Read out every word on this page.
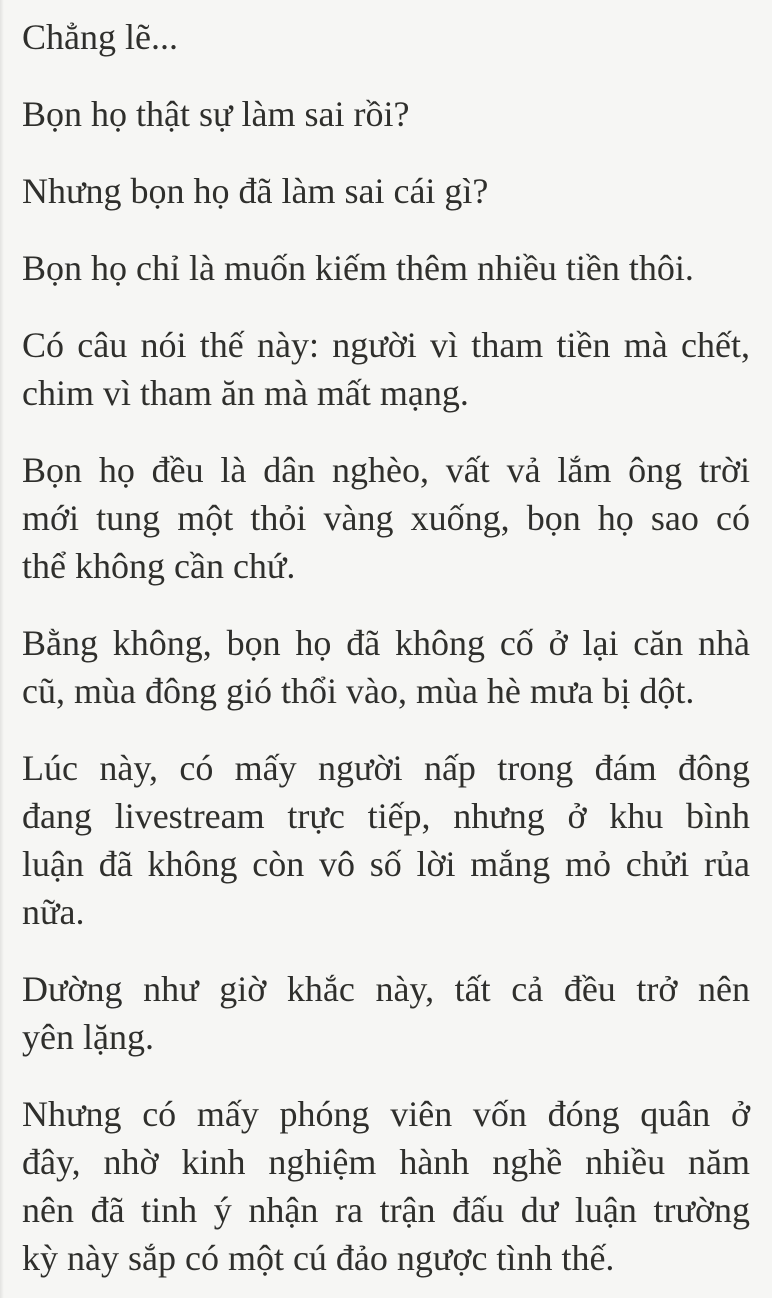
Chẳng lẽ...

Bọn họ thật sự làm sai rồi?

Nhưng bọn họ đã làm sai cái gì?

Bọn họ chỉ là muốn kiếm thêm nhiều tiền thôi.

Có câu nói thế này: người vì tham tiền mà chết,
chim vì tham ăn mà mất mạng.

Bọn họ đều là dân nghèo, vất vả lắm ông trời
mới tung một thỏi vàng xuống, bọn họ sao có
thể không cần chứ.

Bằng không, bọn họ đã không cố ở lại căn nhà
cũ, mùa đông gió thổi vào, mùa hè mưa bị dột.

Lúc này, có mấy người nấp trong đám đông
đang livestream trực tiếp, nhưng ở khu bình
luận đã không còn vô số lời mắng mỏ chửi rủa
nữa.

Dường như giờ khắc này, tất cả đều trở nên
yên lặng.

Nhưng có mấy phóng viên vốn đóng quân ở
đây, nhờ kinh nghiệm hành nghề nhiều năm
nên đã tinh ý nhận ra trận đấu dư luận trường
kỳ này sắp có một cú đảo ngược tình thế.
